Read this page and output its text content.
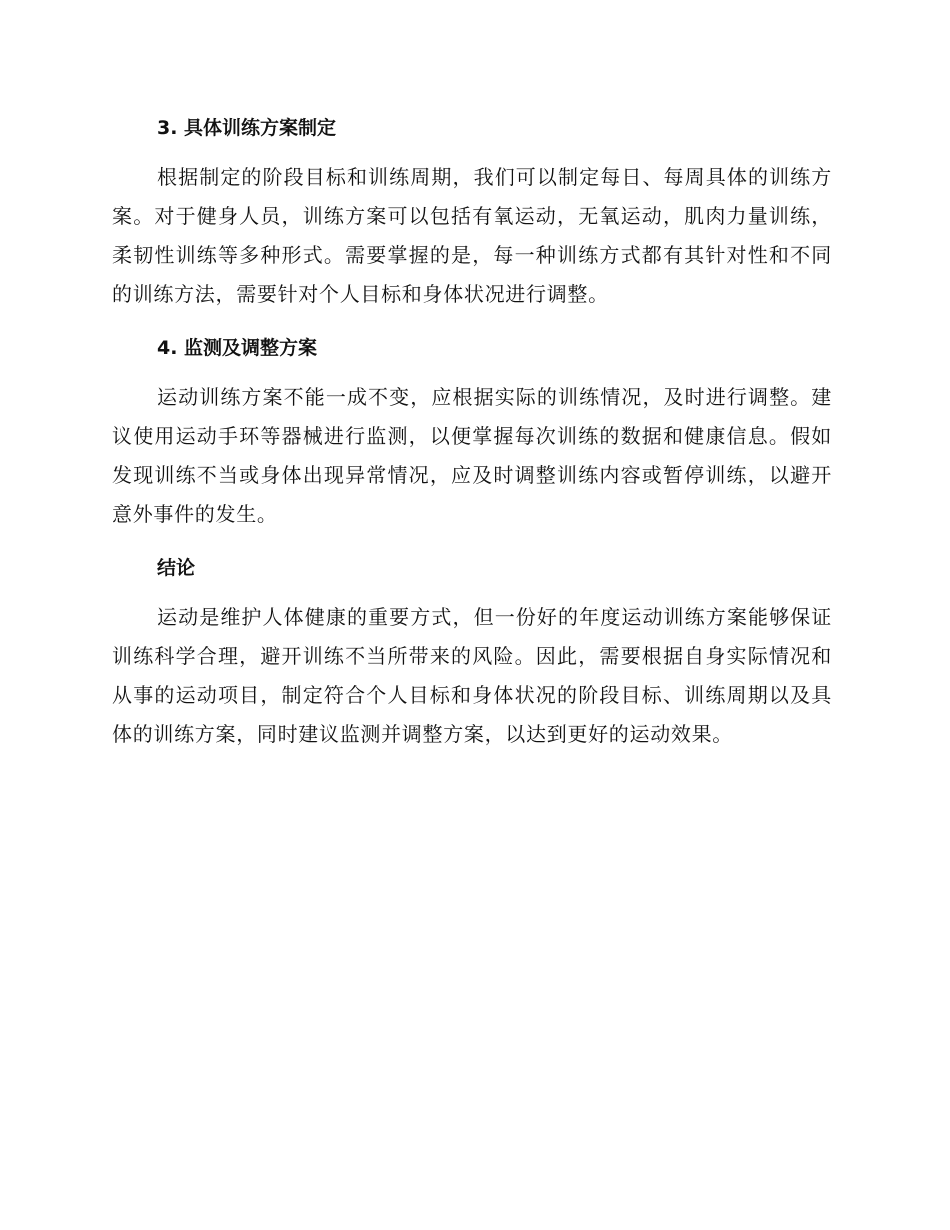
3. 具体训练方案制定

根据制定的阶段目标和训练周期，我们可以制定每日、每周具体的训练方案。对于健身人员，训练方案可以包括有氧运动，无氧运动，肌肉力量训练，柔韧性训练等多种形式。需要掌握的是，每一种训练方式都有其针对性和不同的训练方法，需要针对个人目标和身体状况进行调整。

4. 监测及调整方案

运动训练方案不能一成不变，应根据实际的训练情况，及时进行调整。建议使用运动手环等器械进行监测，以便掌握每次训练的数据和健康信息。假如发现训练不当或身体出现异常情况，应及时调整训练内容或暂停训练，以避开意外事件的发生。

结论

运动是维护人体健康的重要方式，但一份好的年度运动训练方案能够保证训练科学合理，避开训练不当所带来的风险。因此，需要根据自身实际情况和从事的运动项目，制定符合个人目标和身体状况的阶段目标、训练周期以及具体的训练方案，同时建议监测并调整方案，以达到更好的运动效果。
